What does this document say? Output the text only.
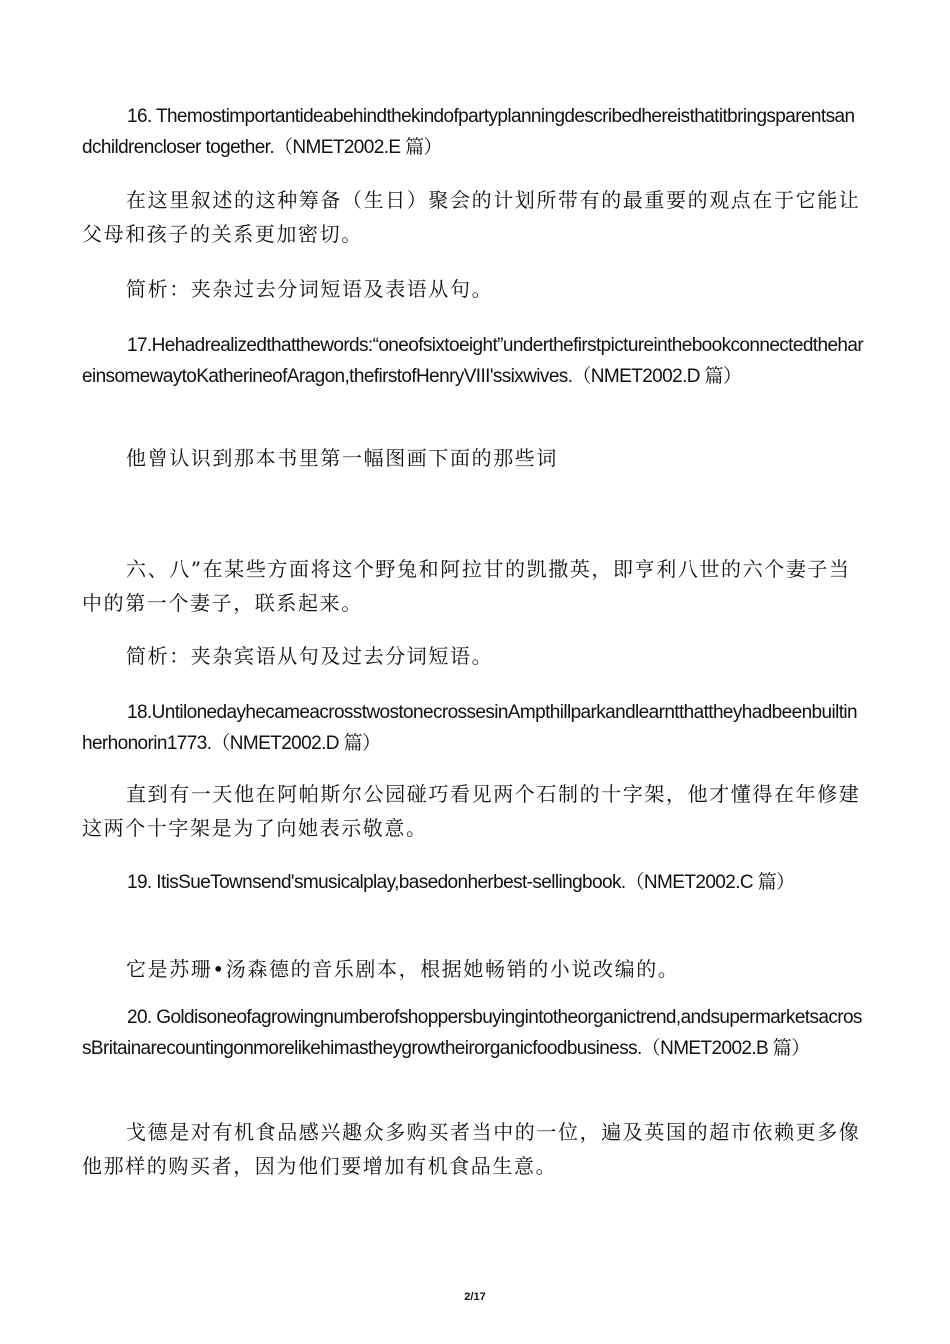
16. Themostimportantideabehindthekindofpartyplanningdescribedhereisthatitbringsparentsandchildrencloser together.（NMET2002.E 篇）

在这里叙述的这种筹备（生日）聚会的计划所带有的最重要的观点在于它能让父母和孩子的关系更加密切。

简析：夹杂过去分词短语及表语从句。

17.Hehadrealizedthatthewords:“oneofsixtoeight”underthefirstpictureinthebookconnectedthehareinsomewaytoKatherineofAragon,thefirstofHenryVIII'ssixwives.（NMET2002.D 篇）

他曾认识到那本书里第一幅图画下面的那些词

六、八”在某些方面将这个野兔和阿拉甘的凯撒英，即亨利八世的六个妻子当中的第一个妻子，联系起来。

简析：夹杂宾语从句及过去分词短语。

18.UntilonedayhecameacrosstwostonecrossesinAmpthillparkandlearntthattheyhadbeenbuiltinherhonorin1773.（NMET2002.D 篇）

直到有一天他在阿帕斯尔公园碰巧看见两个石制的十字架，他才懂得在年修建这两个十字架是为了向她表示敬意。

19. ItisSueTownsend'smusicalplay,basedonherbest-sellingbook.（NMET2002.C 篇）

它是苏珊•汤森德的音乐剧本，根据她畅销的小说改编的。

20. Goldisoneofagrowingnumberofshoppersbuyingintotheorganictrend,andsupermarketsacrossBritainarecountingonmorelikehimastheygrowtheirorganicfoodbusiness.（NMET2002.B 篇）

戈德是对有机食品感兴趣众多购买者当中的一位，遍及英国的超市依赖更多像他那样的购买者，因为他们要增加有机食品生意。

2/17
